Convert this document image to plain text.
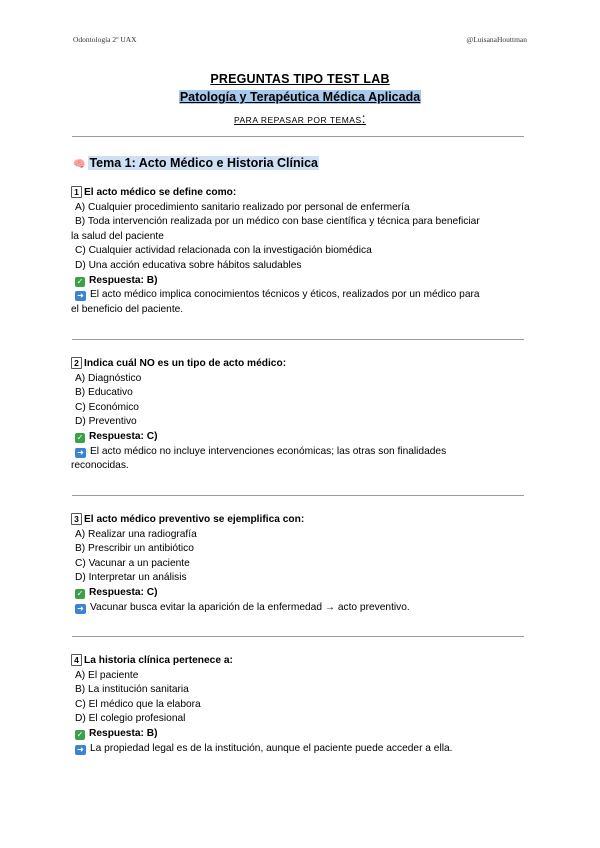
Odontología 2º UAX	@LuisanaHouttman
PREGUNTAS TIPO TEST LAB
Patología y Terapéutica Médica Aplicada
PARA REPASAR POR TEMAS:
🧠 Tema 1: Acto Médico e Historia Clínica
1 El acto médico se define como:
A) Cualquier procedimiento sanitario realizado por personal de enfermería
B) Toda intervención realizada por un médico con base científica y técnica para beneficiar
la salud del paciente
C) Cualquier actividad relacionada con la investigación biomédica
D) Una acción educativa sobre hábitos saludables
✓ Respuesta: B)
➜ El acto médico implica conocimientos técnicos y éticos, realizados por un médico para
el beneficio del paciente.
2 Indica cuál NO es un tipo de acto médico:
A) Diagnóstico
B) Educativo
C) Económico
D) Preventivo
✓ Respuesta: C)
➜ El acto médico no incluye intervenciones económicas; las otras son finalidades
reconocidas.
3 El acto médico preventivo se ejemplifica con:
A) Realizar una radiografía
B) Prescribir un antibiótico
C) Vacunar a un paciente
D) Interpretar un análisis
✓ Respuesta: C)
➜ Vacunar busca evitar la aparición de la enfermedad → acto preventivo.
4 La historia clínica pertenece a:
A) El paciente
B) La institución sanitaria
C) El médico que la elabora
D) El colegio profesional
✓ Respuesta: B)
➜ La propiedad legal es de la institución, aunque el paciente puede acceder a ella.
